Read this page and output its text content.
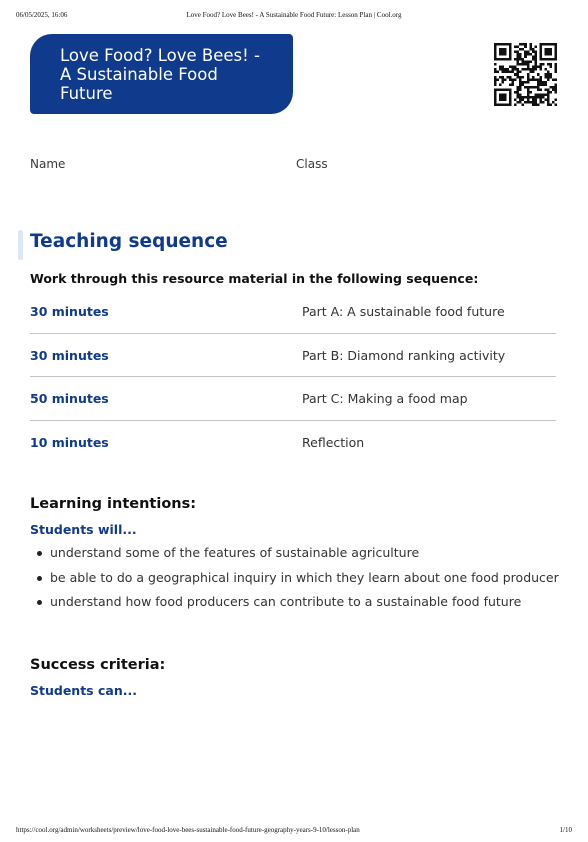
06/05/2025, 16:06	Love Food? Love Bees! - A Sustainable Food Future: Lesson Plan | Cool.org
Love Food? Love Bees! - A Sustainable Food Future
Name	Class
Teaching sequence

Work through this resource material in the following sequence:

30 minutes	Part A: A sustainable food future
30 minutes	Part B: Diamond ranking activity
50 minutes	Part C: Making a food map
10 minutes	Reflection
Learning intentions:

Students will...

understand some of the features of sustainable agriculture
be able to do a geographical inquiry in which they learn about one food producer
understand how food producers can contribute to a sustainable food future
Success criteria:

Students can...

https://cool.org/admin/worksheets/preview/love-food-love-bees-sustainable-food-future-geography-years-9-10/lesson-plan	1/10
